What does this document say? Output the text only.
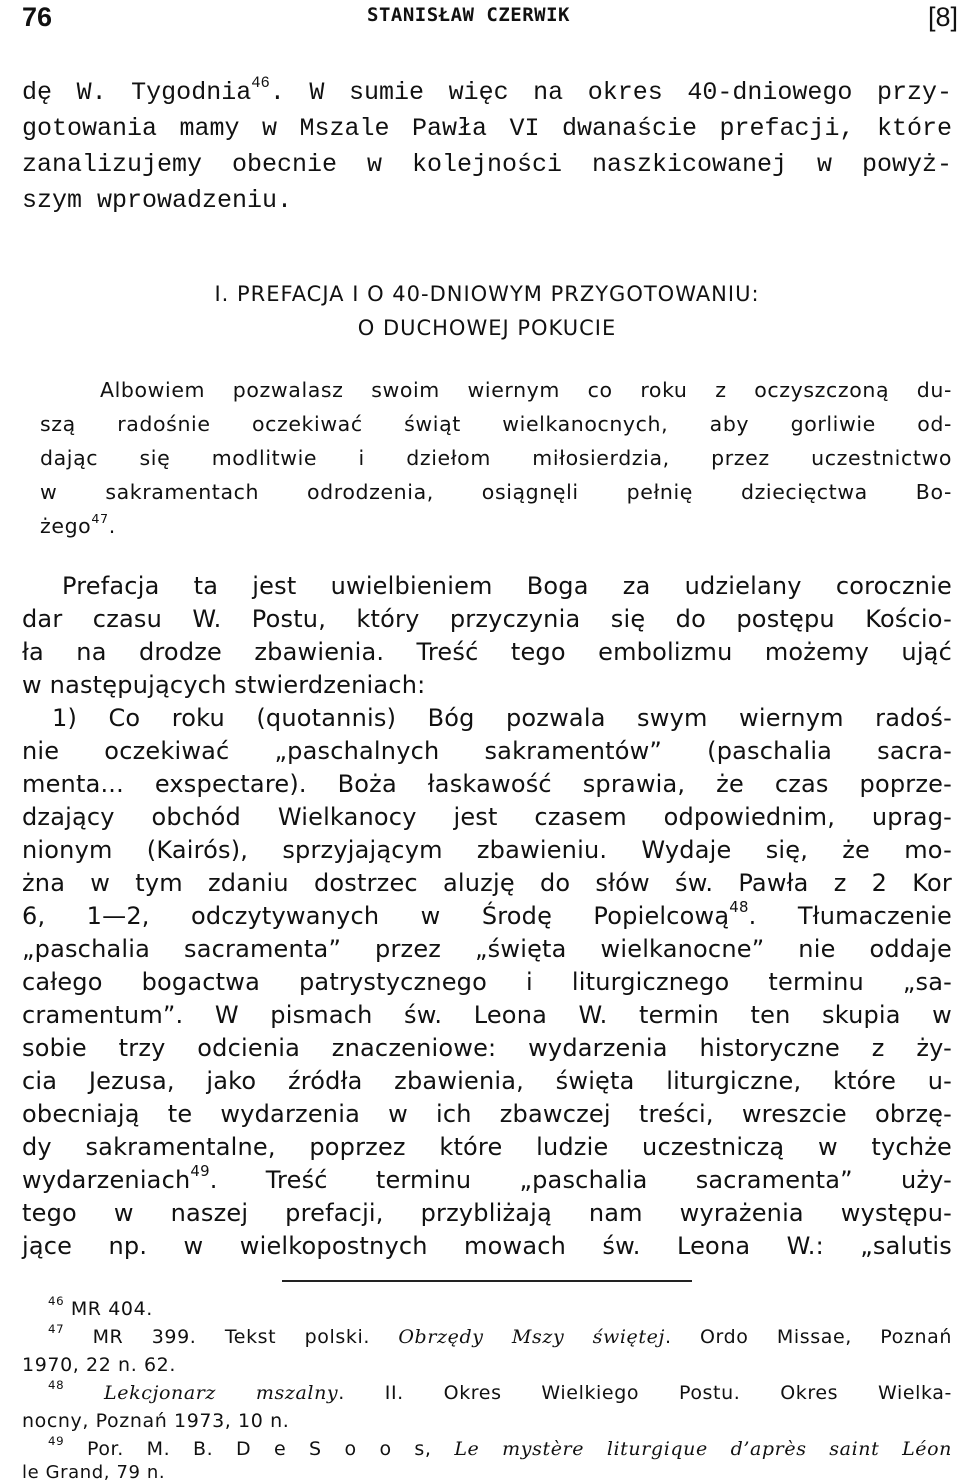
76	STANISŁAW CZERWIK	[8]
dę W. Tygodnia$^{46}$. W sumie więc na okres 40-dniowego przy-
gotowania mamy w Mszale Pawła VI dwanaście prefacji, które
zanalizujemy obecnie w kolejności naszkicowanej w powyż-
szym wprowadzeniu.
I. PREFACJA I O 40-DNIOWYM PRZYGOTOWANIU:
O DUCHOWEJ POKUCIE
Albowiem pozwalasz swoim wiernym co roku z oczyszczoną du-
szą radośnie oczekiwać świąt wielkanocnych, aby gorliwie od-
dając się modlitwie i dziełom miłosierdzia, przez uczestnictwo
w sakramentach odrodzenia, osiągnęli pełnię dziecięctwa Bo-
żego$^{47}$.
Prefacja ta jest uwielbieniem Boga za udzielany corocznie
dar czasu W. Postu, który przyczynia się do postępu Kościo-
ła na drodze zbawienia. Treść tego embolizmu możemy ująć
w następujących stwierdzeniach:
1) Co roku (quotannis) Bóg pozwala swym wiernym radoś-
nie oczekiwać „paschalnych sakramentów” (paschalia sacra-
menta... exspectare). Boża łaskawość sprawia, że czas poprze-
dzający obchód Wielkanocy jest czasem odpowiednim, uprag-
nionym (Kairós), sprzyjającym zbawieniu. Wydaje się, że mo-
żna w tym zdaniu dostrzec aluzję do słów św. Pawła z 2 Kor
6, 1—2, odczytywanych w Środę Popielcową$^{48}$. Tłumaczenie
„paschalia sacramenta” przez „święta wielkanocne” nie oddaje
całego bogactwa patrystycznego i liturgicznego terminu „sa-
cramentum”. W pismach św. Leona W. termin ten skupia w
sobie trzy odcienia znaczeniowe: wydarzenia historyczne z ży-
cia Jezusa, jako źródła zbawienia, święta liturgiczne, które u-
obecniają te wydarzenia w ich zbawczej treści, wreszcie obrzę-
dy sakramentalne, poprzez które ludzie uczestniczą w tychże
wydarzeniach$^{49}$. Treść terminu „paschalia sacramenta” uży-
tego w naszej prefacji, przybliżają nam wyrażenia występu-
jące np. w wielkopostnych mowach św. Leona W.: „salutis
$^{46}$ MR 404.
$^{47}$ MR 399. Tekst polski. Obrzędy Mszy świętej. Ordo Missae, Poznań
1970, 22 n. 62.
$^{48}$ Lekcjonarz mszalny. II. Okres Wielkiego Postu. Okres Wielka-
nocny, Poznań 1973, 10 n.
$^{49}$ Por. M. B. D e S o o s, Le mystère liturgique d’après saint Léon
le Grand, 79 n.
